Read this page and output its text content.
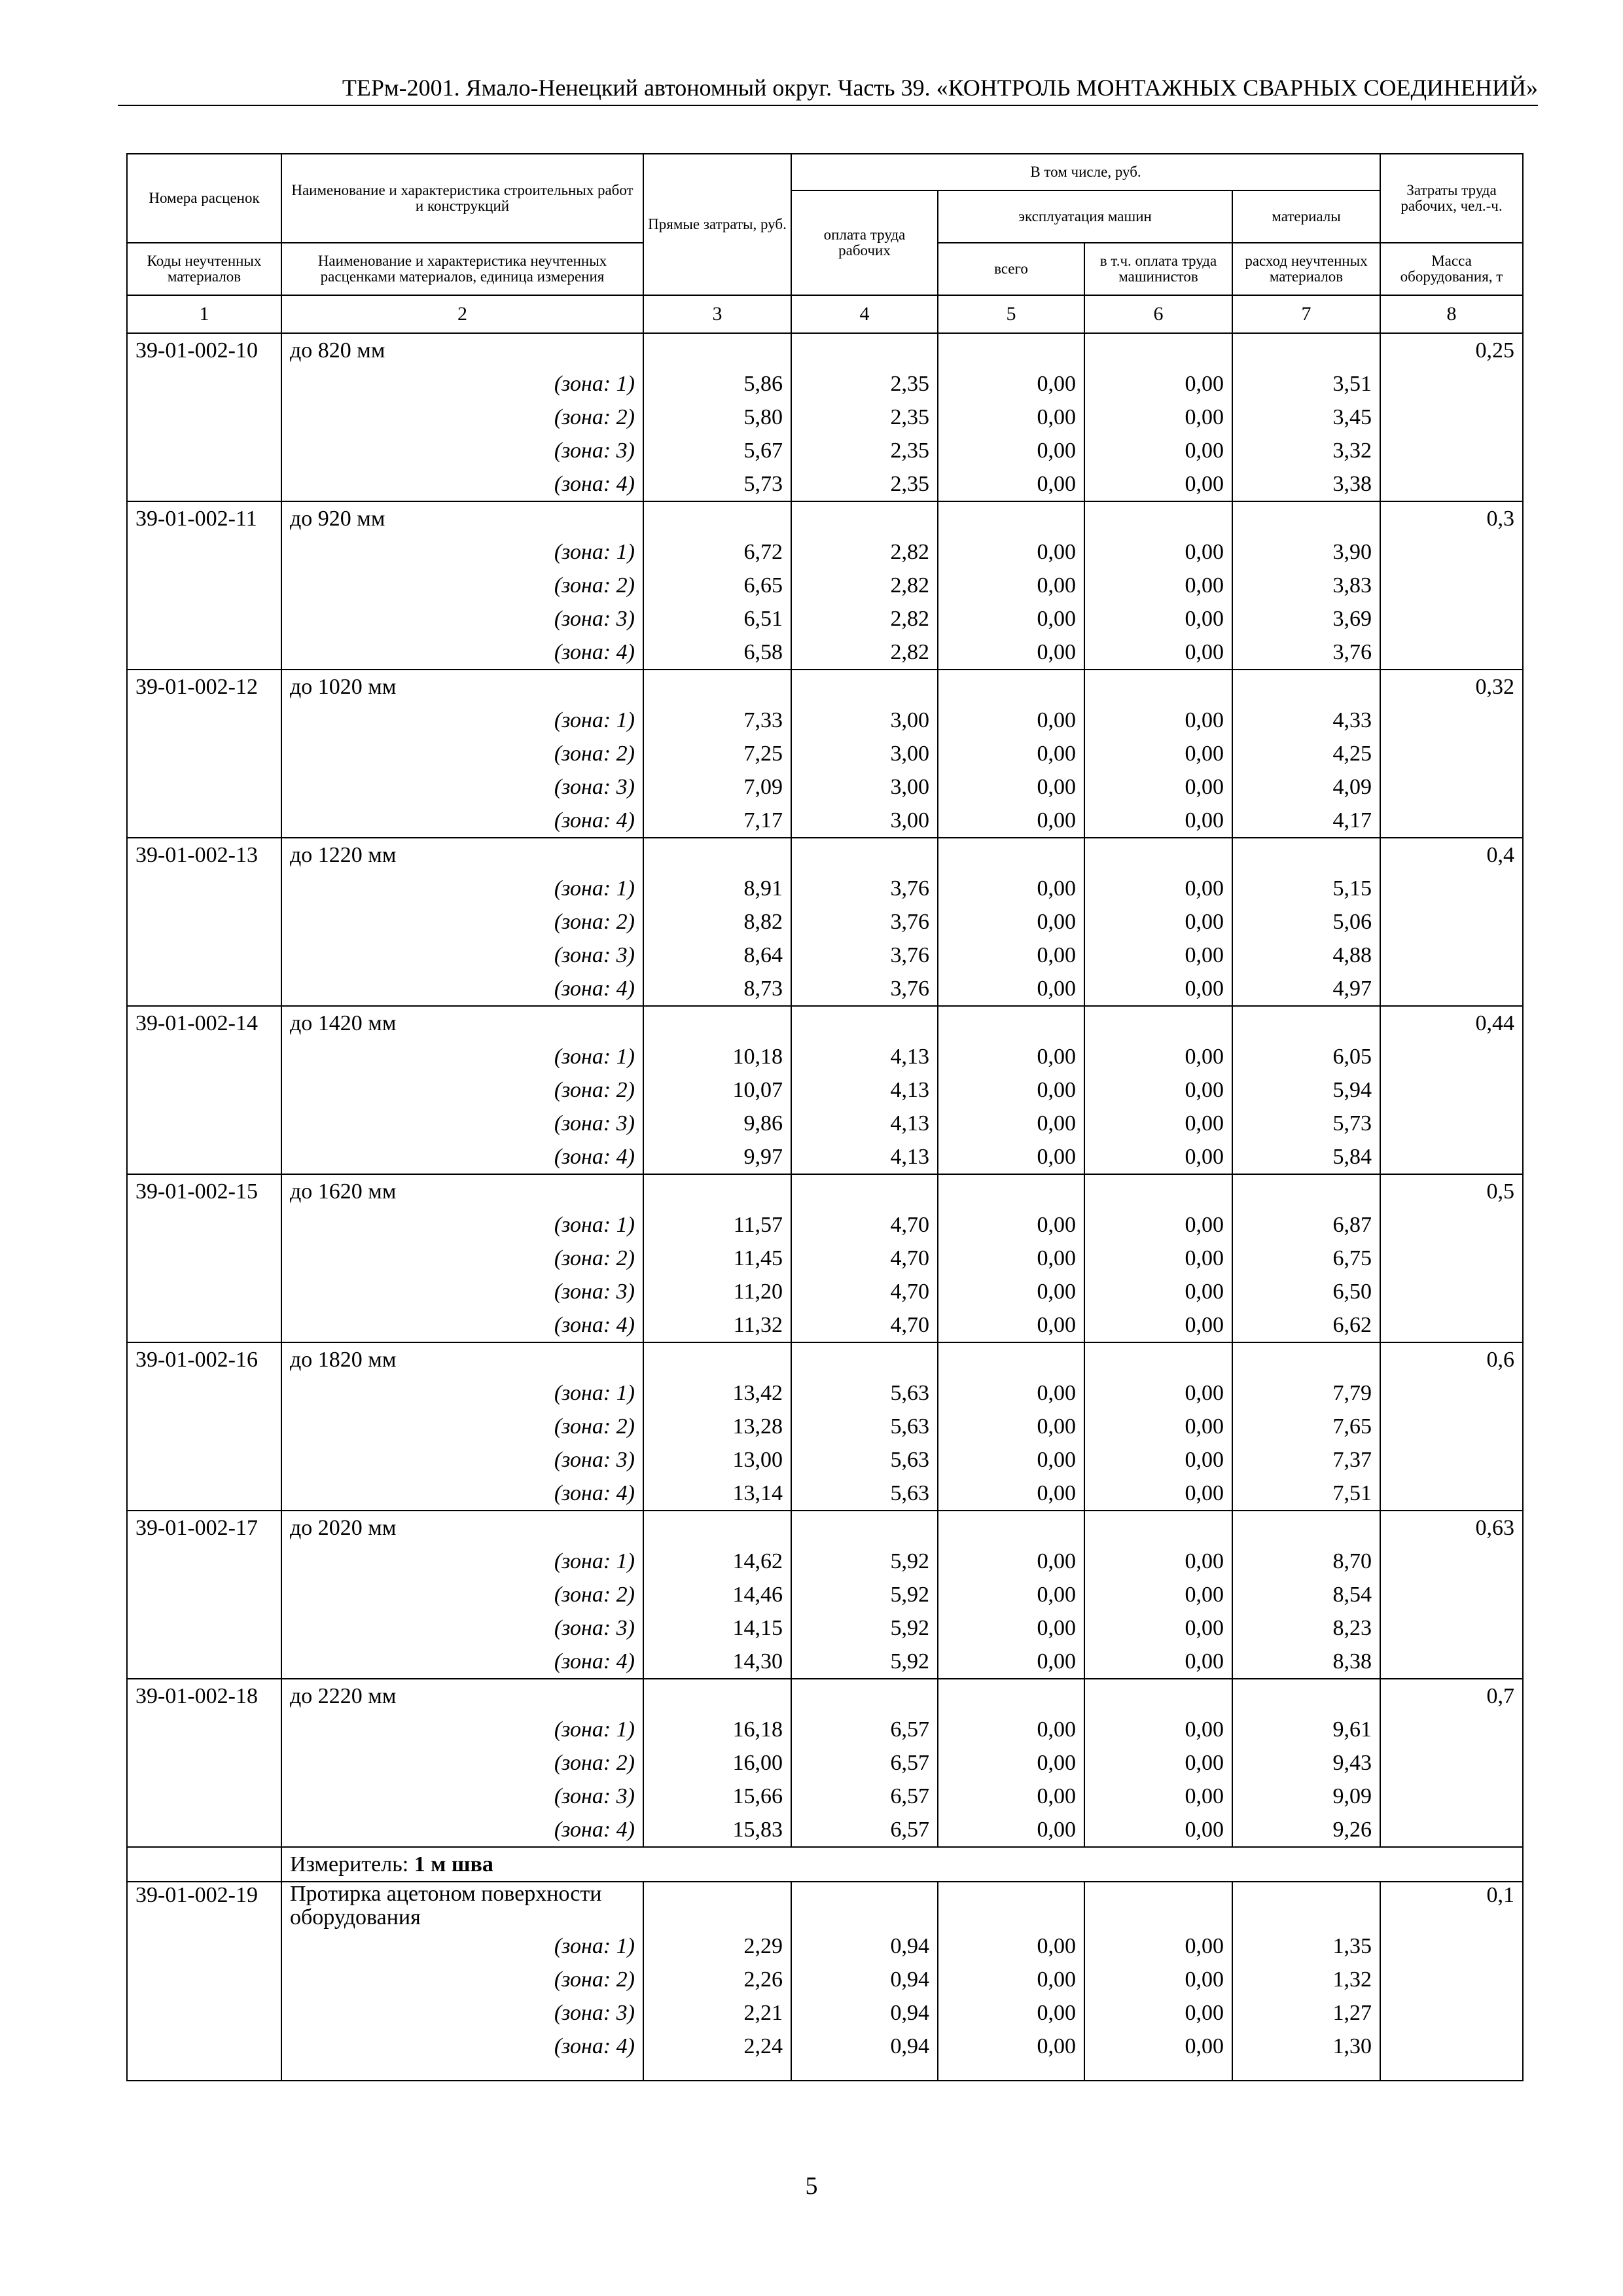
ТЕРм-2001. Ямало-Ненецкий автономный округ. Часть 39. «КОНТРОЛЬ МОНТАЖНЫХ СВАРНЫХ СОЕДИНЕНИЙ»
Номера расценок	Наименование и характеристика строительных работ и конструкций	Прямые затраты, руб.	В том числе, руб.				Затраты труда рабочих, чел.-ч.
			оплата труда рабочих	эксплуатация машин		материалы	

Коды неучтенных материалов	Наименование и характеристика неучтенных расценками материалов, единица измерения			всего	в т.ч. оплата труда машинистов	расход неучтенных материалов	Масса оборудования, т

1	2	3	4	5	6	7	8
39-01-002-10	до 820 мм						0,25
	(зона: 1)	5,86	2,35	0,00	0,00	3,51	
	(зона: 2)	5,80	2,35	0,00	0,00	3,45	
	(зона: 3)	5,67	2,35	0,00	0,00	3,32	
	(зона: 4)	5,73	2,35	0,00	0,00	3,38	
39-01-002-11	до 920 мм						0,3
	(зона: 1)	6,72	2,82	0,00	0,00	3,90	
	(зона: 2)	6,65	2,82	0,00	0,00	3,83	
	(зона: 3)	6,51	2,82	0,00	0,00	3,69	
	(зона: 4)	6,58	2,82	0,00	0,00	3,76	
39-01-002-12	до 1020 мм						0,32
	(зона: 1)	7,33	3,00	0,00	0,00	4,33	
	(зона: 2)	7,25	3,00	0,00	0,00	4,25	
	(зона: 3)	7,09	3,00	0,00	0,00	4,09	
	(зона: 4)	7,17	3,00	0,00	0,00	4,17	
39-01-002-13	до 1220 мм						0,4
	(зона: 1)	8,91	3,76	0,00	0,00	5,15	
	(зона: 2)	8,82	3,76	0,00	0,00	5,06	
	(зона: 3)	8,64	3,76	0,00	0,00	4,88	
	(зона: 4)	8,73	3,76	0,00	0,00	4,97	
39-01-002-14	до 1420 мм						0,44
	(зона: 1)	10,18	4,13	0,00	0,00	6,05	
	(зона: 2)	10,07	4,13	0,00	0,00	5,94	
	(зона: 3)	9,86	4,13	0,00	0,00	5,73	
	(зона: 4)	9,97	4,13	0,00	0,00	5,84	
39-01-002-15	до 1620 мм						0,5
	(зона: 1)	11,57	4,70	0,00	0,00	6,87	
	(зона: 2)	11,45	4,70	0,00	0,00	6,75	
	(зона: 3)	11,20	4,70	0,00	0,00	6,50	
	(зона: 4)	11,32	4,70	0,00	0,00	6,62	
39-01-002-16	до 1820 мм						0,6
	(зона: 1)	13,42	5,63	0,00	0,00	7,79	
	(зона: 2)	13,28	5,63	0,00	0,00	7,65	
	(зона: 3)	13,00	5,63	0,00	0,00	7,37	
	(зона: 4)	13,14	5,63	0,00	0,00	7,51	
39-01-002-17	до 2020 мм						0,63
	(зона: 1)	14,62	5,92	0,00	0,00	8,70	
	(зона: 2)	14,46	5,92	0,00	0,00	8,54	
	(зона: 3)	14,15	5,92	0,00	0,00	8,23	
	(зона: 4)	14,30	5,92	0,00	0,00	8,38	
39-01-002-18	до 2220 мм						0,7
	(зона: 1)	16,18	6,57	0,00	0,00	9,61	
	(зона: 2)	16,00	6,57	0,00	0,00	9,43	
	(зона: 3)	15,66	6,57	0,00	0,00	9,09	
	(зона: 4)	15,83	6,57	0,00	0,00	9,26	
	Измеритель: 1 м шва						
39-01-002-19	Протирка ацетоном поверхности оборудования						0,1
	(зона: 1)	2,29	0,94	0,00	0,00	1,35	
	(зона: 2)	2,26	0,94	0,00	0,00	1,32	
	(зона: 3)	2,21	0,94	0,00	0,00	1,27	
	(зона: 4)	2,24	0,94	0,00	0,00	1,30	

5
